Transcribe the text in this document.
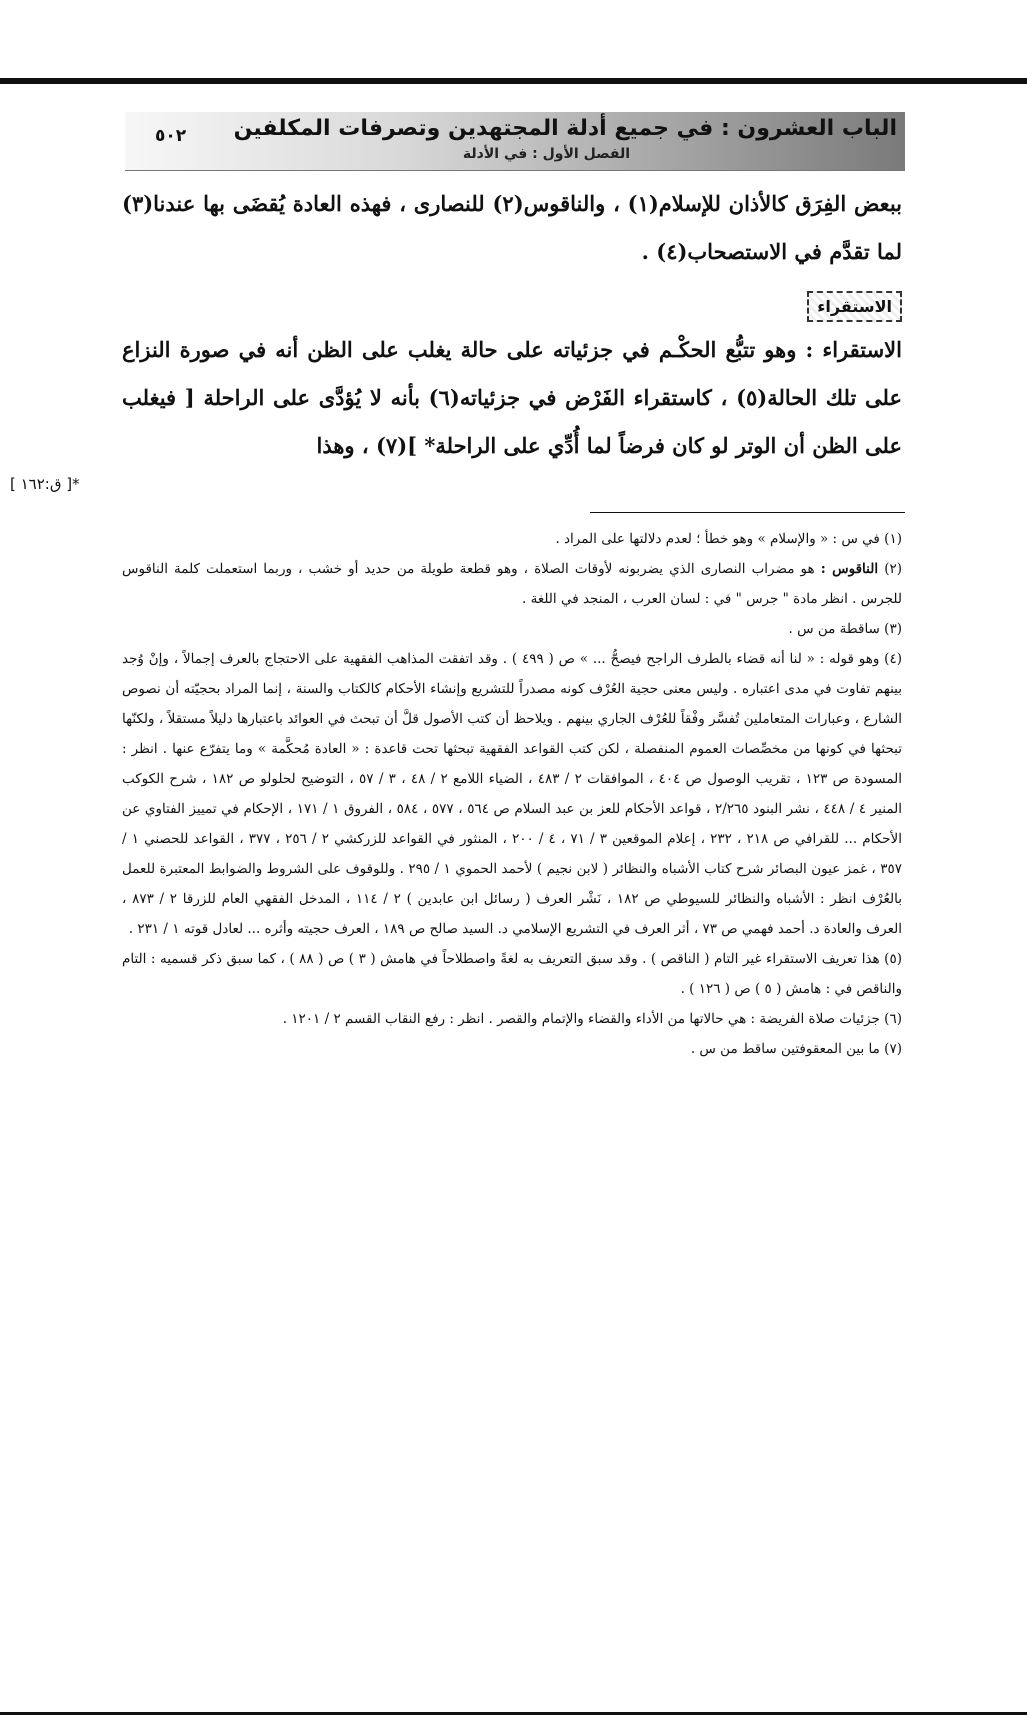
الباب العشرون : في جميع أدلة المجتهدين وتصرفات المكلفين
الفصل الأول : في الأدلة
٥٠٢

ببعض الفِرَق كالأذان للإسلام(١) ، والناقوس(٢) للنصارى ، فهذه العادة يُقضَى بها عندنا(٣) لما تقدَّم في الاستصحاب(٤) .

الاستقراء

الاستقراء : وهو تتبُّع الحكْـم في جزئياته على حالة يغلب على الظن أنه في صورة النزاع على تلك الحالة(٥) ، كاستقراء الفَرْض في جزئياته(٦) بأنه لا يُؤدَّى على الراحلة [ فيغلب على الظن أن الوتر لو كان فرضاً لما أُدِّي على الراحلة* ](٧) ، وهذا

*[ ق:١٦٢ ]

(١) في س : « والإسلام » وهو خطأ ؛ لعدم دلالتها على المراد .

(٢) الناقوس : هو مضراب النصارى الذي يضربونه لأوقات الصلاة ، وهو قطعة طويلة من حديد أو خشب ، وربما استعملت كلمة الناقوس للجرس . انظر مادة " جرس " في : لسان العرب ، المنجد في اللغة .

(٣) ساقطة من س .

(٤) وهو قوله : « لنا أنه قضاء بالطرف الراجح فيصحُّ ... » ص ( ٤٩٩ ) . وقد اتفقت المذاهب الفقهية على الاحتجاج بالعرف إجمالاً ، وإنْ وُجد بينهم تفاوت في مدى اعتباره . وليس معنى حجية العُرْف كونه مصدراً للتشريع وإنشاء الأحكام كالكتاب والسنة ، إنما المراد بحجيّته أن نصوص الشارع ، وعبارات المتعاملين تُفسَّر وفْقاً للعُرْف الجاري بينهم . ويلاحظ أن كتب الأصول قلَّ أن تبحث في العوائد باعتبارها دليلاً مستقلاً ، ولكنّها تبحثها في كونها من مخصِّصات العموم المنفصلة ، لكن كتب القواعد الفقهية تبحثها تحت قاعدة : « العادة مُحكَّمة » وما يتفرّع عنها . انظر : المسودة ص ١٢٣ ، تقريب الوصول ص ٤٠٤ ، الموافقات ٢ / ٤٨٣ ، الضياء اللامع ٢ / ٤٨ ، ٣ / ٥٧ ، التوضيح لحلولو ص ١٨٢ ، شرح الكوكب المنير ٤ / ٤٤٨ ، نشر البنود ٢/٢٦٥ ، قواعد الأحكام للعز بن عبد السلام ص ٥٦٤ ، ٥٧٧ ، ٥٨٤ ، الفروق ١ / ١٧١ ، الإحكام في تمييز الفتاوي عن الأحكام ... للقرافي ص ٢١٨ ، ٢٣٢ ، إعلام الموقعين ٣ / ٧١ ، ٤ / ٢٠٠ ، المنثور في القواعد للزركشي ٢ / ٢٥٦ ، ٣٧٧ ، القواعد للحصني ١ / ٣٥٧ ، غمز عيون البصائر شرح كتاب الأشباه والنظائر ( لابن نجيم ) لأحمد الحموي ١ / ٢٩٥ . وللوقوف على الشروط والضوابط المعتبرة للعمل بالعُرْف انظر : الأشباه والنظائر للسيوطي ص ١٨٢ ، نَشْر العرف ( رسائل ابن عابدين ) ٢ / ١١٤ ، المدخل الفقهي العام للزرقا ٢ / ٨٧٣ ، العرف والعادة د. أحمد فهمي ص ٧٣ ، أثر العرف في التشريع الإسلامي د. السيد صالح ص ١٨٩ ، العرف حجيته وأثره ... لعادل قوته ١ / ٢٣١ .

(٥) هذا تعريف الاستقراء غير التام ( الناقص ) . وقد سبق التعريف به لغةً واصطلاحاً في هامش ( ٣ ) ص ( ٨٨ ) ، كما سبق ذكر قسميه : التام والناقص في : هامش ( ٥ ) ص ( ١٢٦ ) .

(٦) جزئيات صلاة الفريضة : هي حالاتها من الأداء والقضاء والإتمام والقصر . انظر : رفع النقاب القسم ٢ / ١٢٠١ .

(٧) ما بين المعقوفتين ساقط من س .
